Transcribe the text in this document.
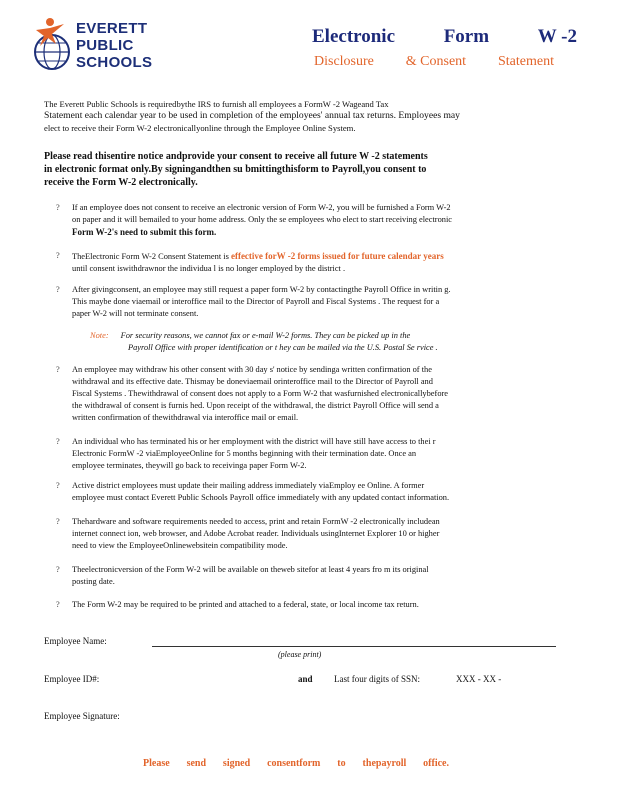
EVERETT
PUBLIC
SCHOOLS
Electronic	Form	W -2
Disclosure & Consent Statement
The Everett Public Schools is requiredbythe IRS to furnish all employees a FormW -2 Wageand Tax
Statement each calendar year to be used in completion of the employees' annual tax returns. Employees may
elect to receive their Form W-2 electronicallyonline through the Employee Online System.
Please read thisentire notice andprovide your consent to receive all future W -2 statements
in electronic format only.By signingandthen su bmittingthisform to Payroll,you consent to
receive the Form W-2 electronically.
? If an employee does not consent to receive an electronic version of Form W-2, you will be furnished a Form W-2
on paper and it will bemailed to your home address. Only the se employees who elect to start receiving electronic
Form W-2's need to submit this form.
? TheElectronic Form W-2 Consent Statement is effective forW -2 forms issued for future calendar years
until consent iswithdrawnor the individua l is no longer employed by the district .
? After givingconsent, an employee may still request a paper form W-2 by contactingthe Payroll Office in writin g.
This maybe done viaemail or interoffice mail to the Director of Payroll and Fiscal Systems . The request for a
paper W-2 will not terminate consent.
Note: For security reasons, we cannot fax or e-mail W-2 forms. They can be picked up in the
Payroll Office with proper identification or t hey can be mailed via the U.S. Postal Se rvice .
? An employee may withdraw his other consent with 30 day s' notice by sendinga written confirmation of the
withdrawal and its effective date. Thismay be doneviaemail orinteroffice mail to the Director of Payroll and
Fiscal Systems . Thewithdrawal of consent does not apply to a Form W-2 that wasfurnished electronicallybefore
the withdrawal of consent is furnis hed. Upon receipt of the withdrawal, the district Payroll Office will send a
written confirmation of thewithdrawal via interoffice mail or email.
? An individual who has terminated his or her employment with the district will have still have access to thei r
Electronic FormW -2 viaEmployeeOnline for 5 months beginning with their termination date. Once an
employee terminates, theywill go back to receivinga paper Form W-2.
? Active district employees must update their mailing address immediately viaEmploy ee Online. A former
employee must contact Everett Public Schools Payroll office immediately with any updated contact information.
? Thehardware and software requirements needed to access, print and retain FormW -2 electronically includean
internet connect ion, web browser, and Adobe Acrobat reader. Individuals usingInternet Explorer 10 or higher
need to view the EmployeeOnlinewebsitein compatibility mode.
? Theelectronicversion of the Form W-2 will be available on theweb sitefor at least 4 years fro m its original
posting date.
? The Form W-2 may be required to be printed and attached to a federal, state, or local income tax return.
Employee Name:
(please print)
Employee ID#:	and Last four digits of SSN:	XXX - XX -
Employee Signature:
Please send signed consentform to thepayroll office.
